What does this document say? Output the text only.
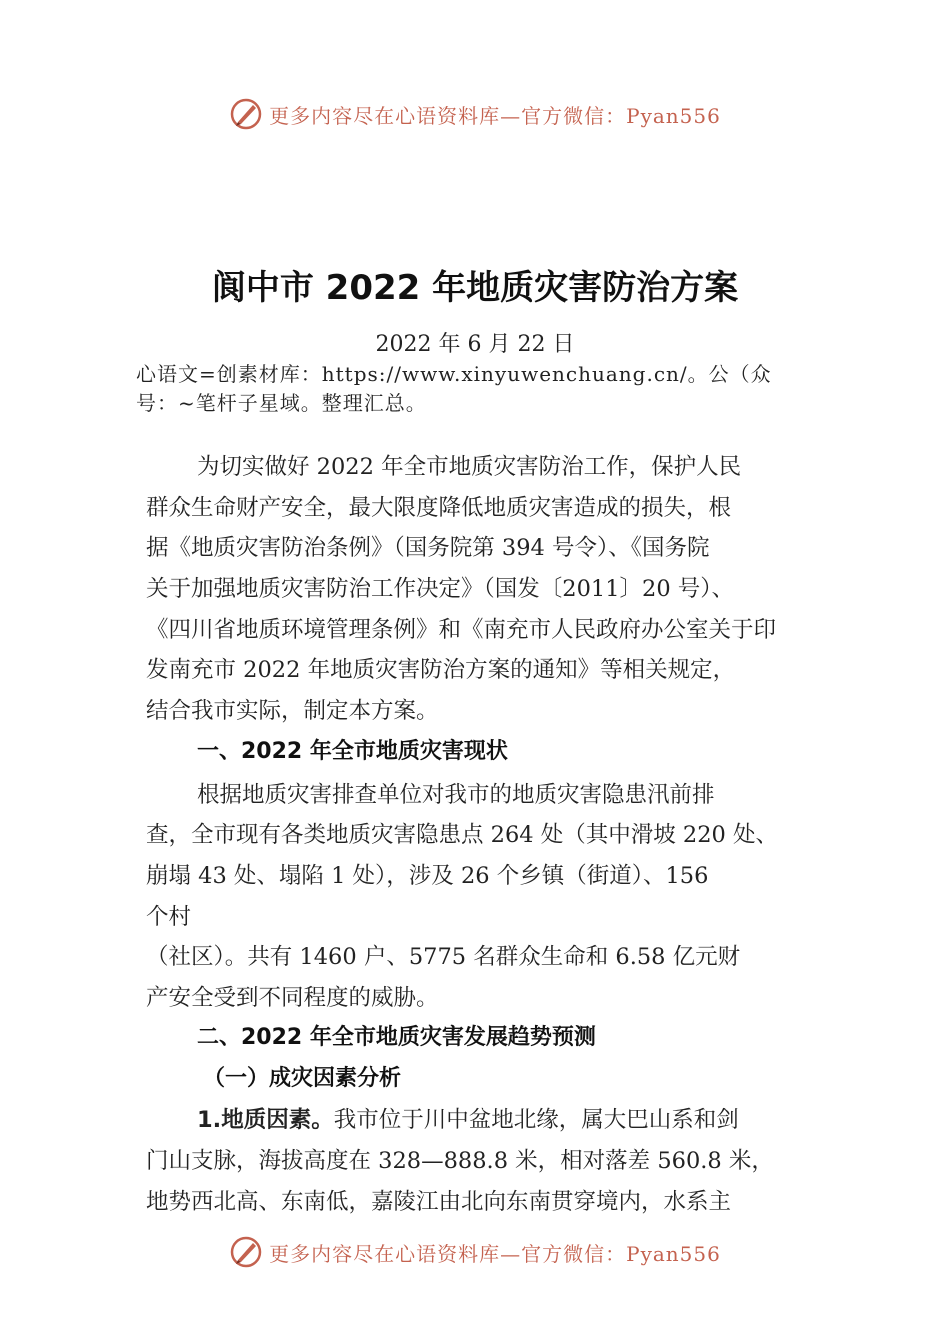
更多内容尽在心语资料库—官方微信：Pyan556
阆中市 2022 年地质灾害防治方案
2022 年 6 月 22 日
心语文=创素材库：https://www.xinyuwenchuang.cn/。公（众
号：~笔杆子星域。整理汇总。
为切实做好 2022 年全市地质灾害防治工作，保护人民
群众生命财产安全，最大限度降低地质灾害造成的损失，根
据《地质灾害防治条例》（国务院第 394 号令）、《国务院
关于加强地质灾害防治工作决定》（国发〔2011〕20 号）、
《四川省地质环境管理条例》和《南充市人民政府办公室关于印
发南充市 2022 年地质灾害防治方案的通知》等相关规定，
结合我市实际，制定本方案。
一、2022 年全市地质灾害现状
根据地质灾害排查单位对我市的地质灾害隐患汛前排
查，全市现有各类地质灾害隐患点 264 处（其中滑坡 220 处、
崩塌 43 处、塌陷 1 处），涉及 26 个乡镇（街道）、156
个村
（社区）。共有 1460 户、5775 名群众生命和 6.58 亿元财
产安全受到不同程度的威胁。
二、2022 年全市地质灾害发展趋势预测
（一）成灾因素分析
1.地质因素。我市位于川中盆地北缘，属大巴山系和剑
门山支脉，海拔高度在 328—888.8 米，相对落差 560.8 米，
地势西北高、东南低，嘉陵江由北向东南贯穿境内，水系主
更多内容尽在心语资料库—官方微信：Pyan556
